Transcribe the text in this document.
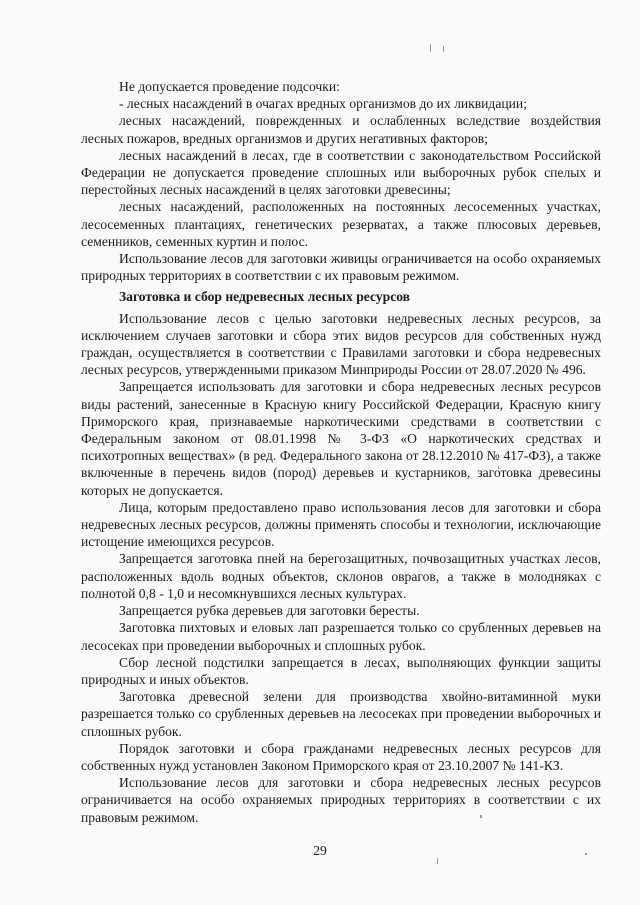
Не допускается проведение подсочки:

- лесных насаждений в очагах вредных организмов до их ликвидации;

лесных насаждений, поврежденных и ослабленных вследствие воздействия лесных пожаров, вредных организмов и других негативных факторов;

лесных насаждений в лесах, где в соответствии с законодательством Российской Федерации не допускается проведение сплошных или выборочных рубок спелых и перестойных лесных насаждений в целях заготовки древесины;

лесных насаждений, расположенных на постоянных лесосеменных участках, лесосеменных плантациях, генетических резерватах, а также плюсовых деревьев, семенников, семенных куртин и полос.

Использование лесов для заготовки живицы ограничивается на особо охраняемых природных территориях в соответствии с их правовым режимом.

Заготовка и сбор недревесных лесных ресурсов

Использование лесов с целью заготовки недревесных лесных ресурсов, за исключением случаев заготовки и сбора этих видов ресурсов для собственных нужд граждан, осуществляется в соответствии с Правилами заготовки и сбора недревесных лесных ресурсов, утвержденными приказом Минприроды России от 28.07.2020 № 496.

Запрещается использовать для заготовки и сбора недревесных лесных ресурсов виды растений, занесенные в Красную книгу Российской Федерации, Красную книгу Приморского края, признаваемые наркотическими средствами в соответствии с Федеральным законом от 08.01.1998 № 3-ФЗ «О наркотических средствах и психотропных веществах» (в ред. Федерального закона от 28.12.2010 № 417-ФЗ), а также включенные в перечень видов (пород) деревьев и кустарников, заготовка древесины которых не допускается.

Лица, которым предоставлено право использования лесов для заготовки и сбора недревесных лесных ресурсов, должны применять способы и технологии, исключающие истощение имеющихся ресурсов.

Запрещается заготовка пней на берегозащитных, почвозащитных участках лесов, расположенных вдоль водных объектов, склонов оврагов, а также в молодняках с полнотой 0,8 - 1,0 и несомкнувшихся лесных культурах.

Запрещается рубка деревьев для заготовки бересты.

Заготовка пихтовых и еловых лап разрешается только со срубленных деревьев на лесосеках при проведении выборочных и сплошных рубок.

Сбор лесной подстилки запрещается в лесах, выполняющих функции защиты природных и иных объектов.

Заготовка древесной зелени для производства хвойно-витаминной муки разрешается только со срубленных деревьев на лесосеках при проведении выборочных и сплошных рубок.

Порядок заготовки и сбора гражданами недревесных лесных ресурсов для собственных нужд установлен Законом Приморского края от 23.10.2007 № 141-КЗ.

Использование лесов для заготовки и сбора недревесных лесных ресурсов ограничивается на особо охраняемых природных территориях в соответствии с их правовым режимом.

29
